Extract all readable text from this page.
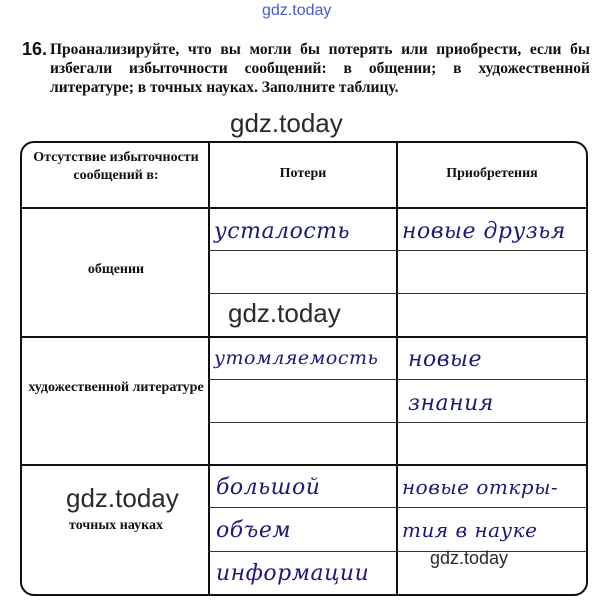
gdz.today
gdz.today
16. Проанализируйте, что вы могли бы потерять или приобрести, если бы избегали избыточности сообщений: в общении; в художественной литературе; в точных науках. Заполните таблицу.
Отсутствие избыточности сообщений в:	Потери	Приобретения
общении
художественной литературе
точных науках
усталость новые друзья
утомляемость новые
знания
большой
объем
информации
новые откры-
тия в науке
gdz.today
gdz.today
gdz.today
